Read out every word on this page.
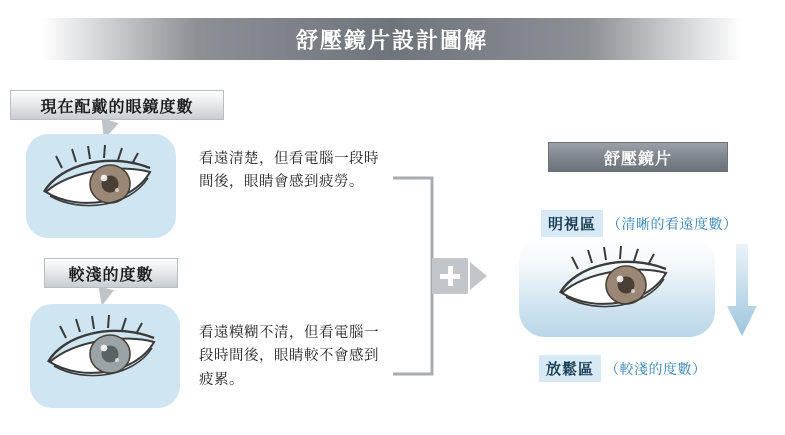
舒壓鏡片設計圖解
現在配戴的眼鏡度數
看遠清楚，但看電腦一段時間後，眼睛會感到疲勞。
較淺的度數
看遠糢糊不清，但看電腦一段時間後，眼睛較不會感到疲累。
舒壓鏡片
明視區 （清晰的看遠度數）
放鬆區 （較淺的度數）
